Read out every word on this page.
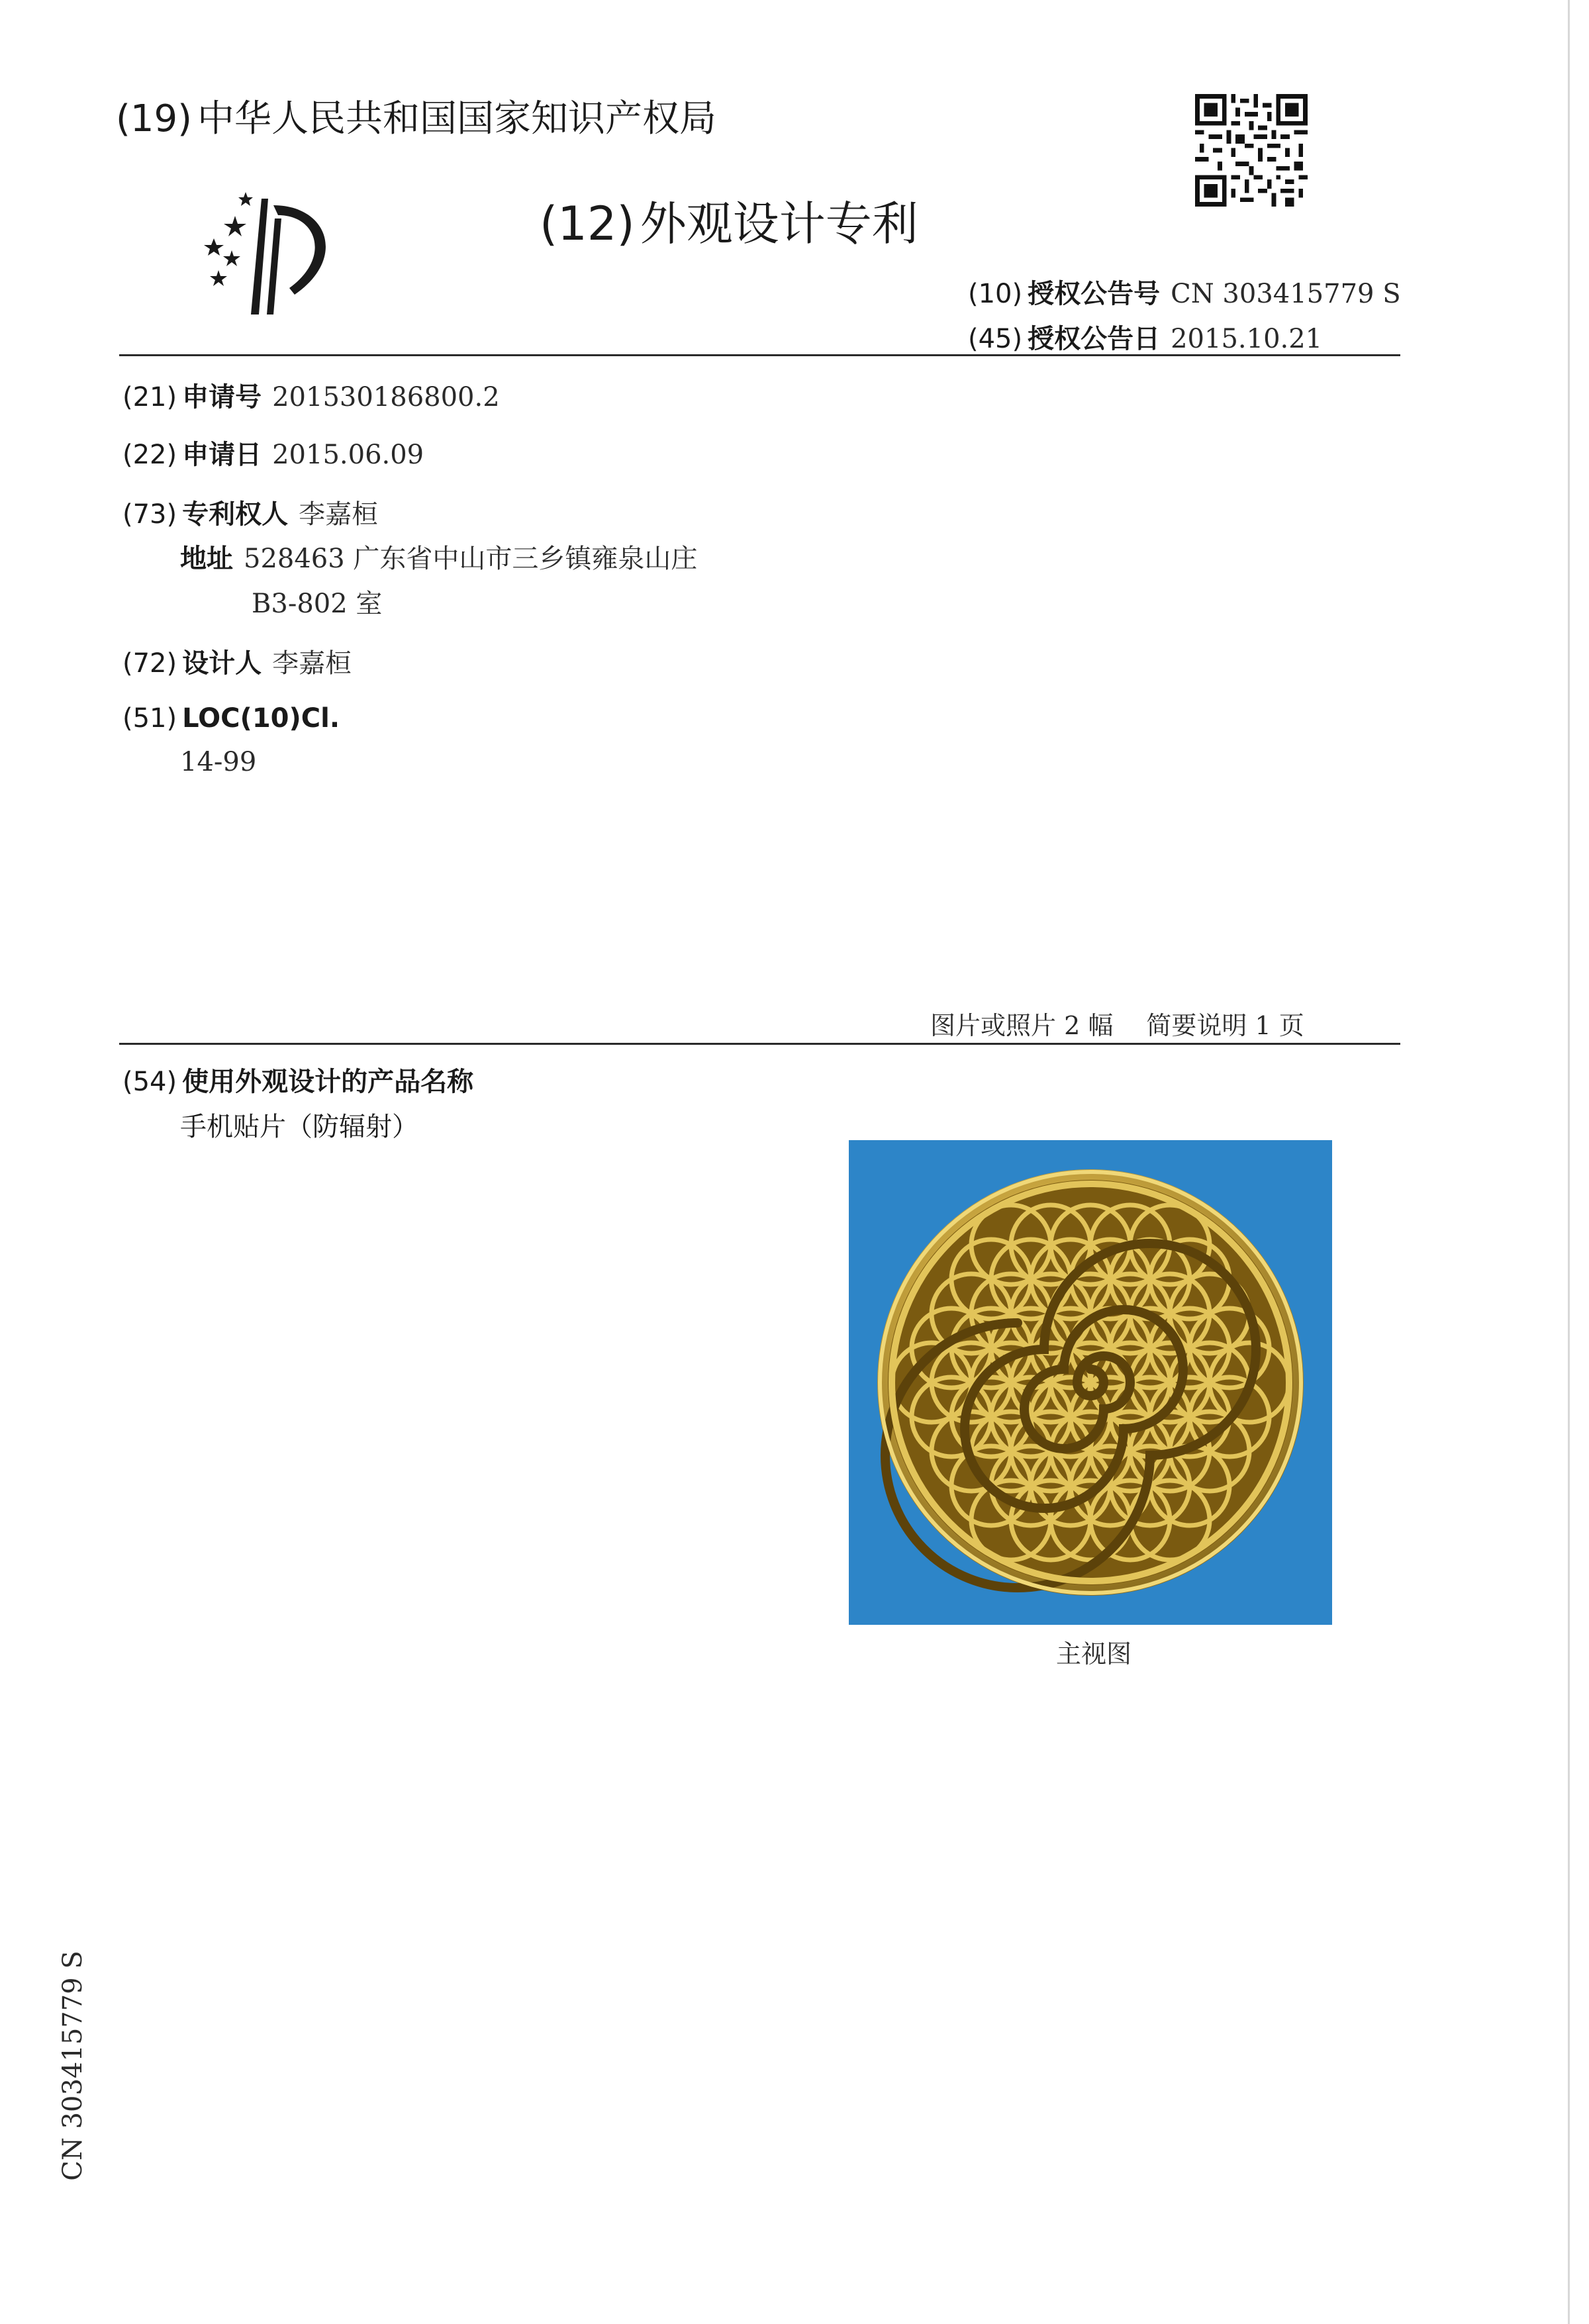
(19) 中华人民共和国国家知识产权局
(12) 外观设计专利
(10) 授权公告号 CN 303415779 S
(45) 授权公告日 2015.10.21
(21) 申请号 201530186800.2
(22) 申请日 2015.06.09
(73) 专利权人 李嘉桓
地址 528463 广东省中山市三乡镇雍泉山庄
B3-802 室
(72) 设计人 李嘉桓
(51) LOC(10)Cl.
14-99
图片或照片 2 幅　 简要说明 1 页
(54) 使用外观设计的产品名称
手机贴片（防辐射）
主视图
CN 303415779 S
